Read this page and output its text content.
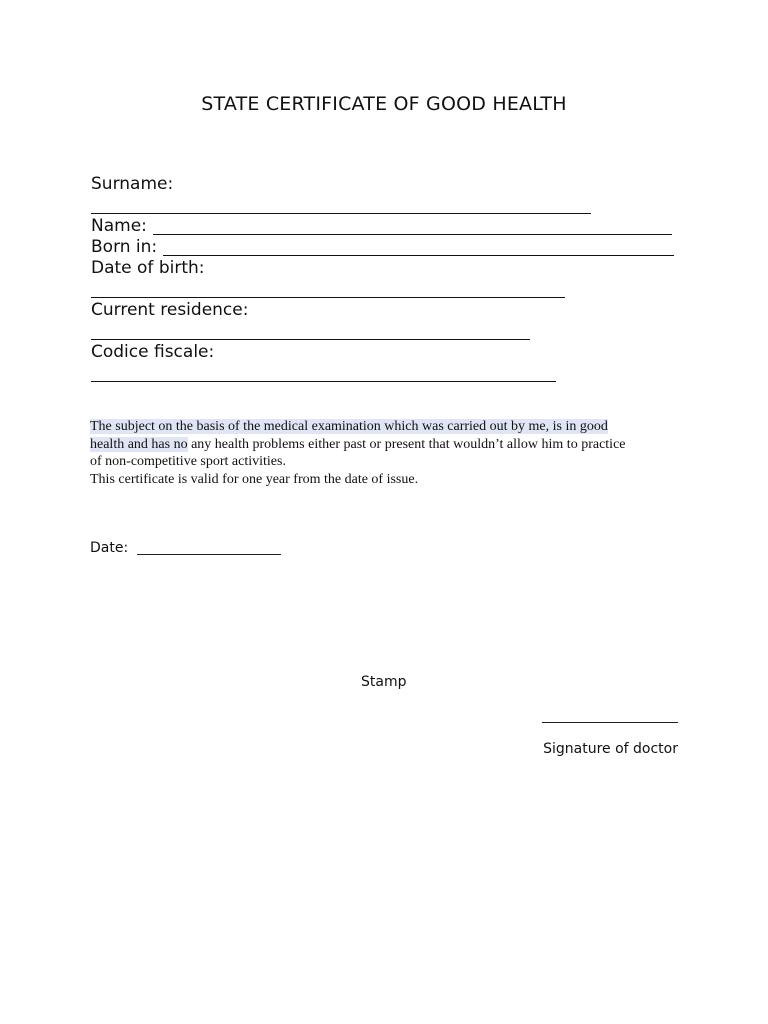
STATE CERTIFICATE OF GOOD HEALTH
Surname:
Name:
Born in:
Date of birth:
Current residence:
Codice fiscale:
The subject on the basis of the medical examination which was carried out by me, is in good
health and has no any health problems either past or present that wouldn’t allow him to practice
of non-competitive sport activities.
This certificate is valid for one year from the date of issue.
Date:
Stamp
Signature of doctor
